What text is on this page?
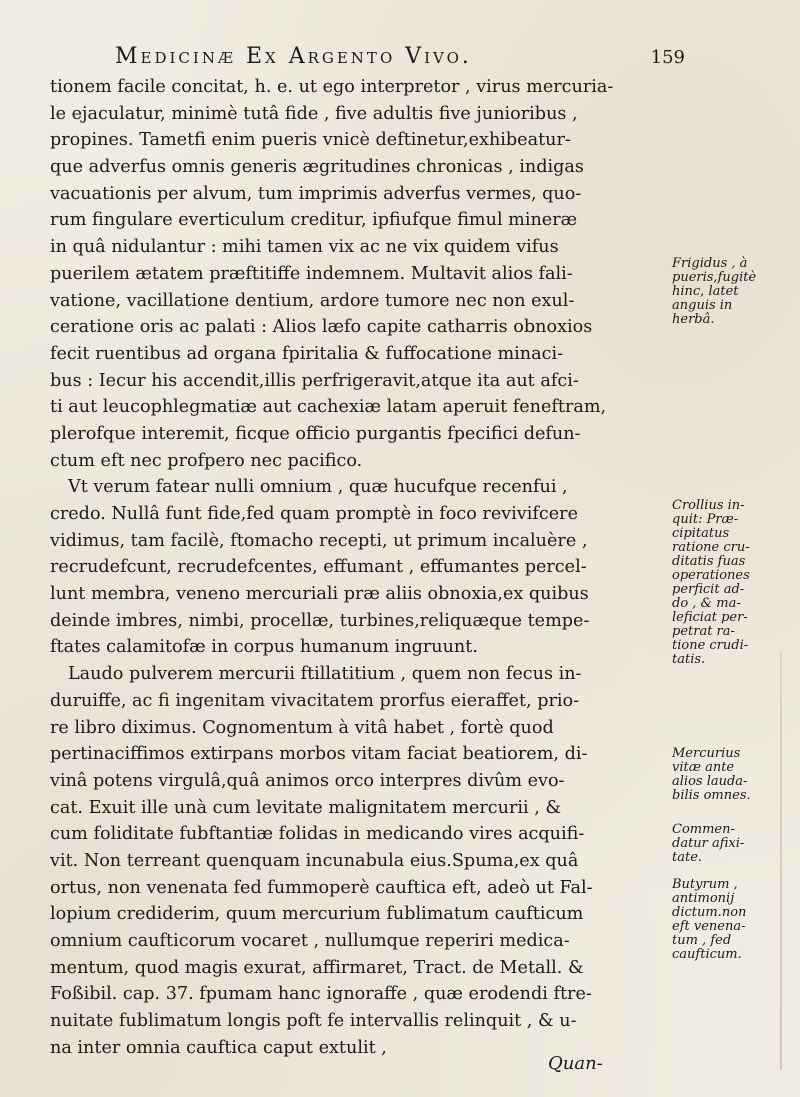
Medicinæ Ex Argento Vivo.	159
tionem facile concitat, h. e. ut ego interpretor , virus mercuria-
le ejaculatur, minimè tutâ fide , five adultis five junioribus ,
propines. Tametfi enim pueris vnicè deftinetur,exhibeatur-
que adverfus omnis generis ægritudines chronicas , indigas
vacuationis per alvum, tum imprimis adverfus vermes, quo-
rum fingulare everticulum creditur, ipfiufque fimul mineræ
in quâ nidulantur : mihi tamen vix ac ne vix quidem vifus
puerilem ætatem præftitiffe indemnem. Multavit alios fali-
vatione, vacillatione dentium, ardore tumore nec non exul-
ceratione oris ac palati : Alios læfo capite catharris obnoxios
fecit ruentibus ad organa fpiritalia & fuffocatione minaci-
bus : Iecur his accendit,illis perfrigeravit,atque ita aut afci-
ti aut leucophlegmatiæ aut cachexiæ latam aperuit feneftram,
plerofque interemit, ficque officio purgantis fpecifici defun-
ctum eft nec profpero nec pacifico.
Vt verum fatear nulli omnium , quæ hucufque recenfui ,
credo. Nullâ funt fide,fed quam promptè in foco revivifcere
vidimus, tam facilè, ftomacho recepti, ut primum incaluère ,
recrudefcunt, recrudefcentes, effumant , effumantes percel-
lunt membra, veneno mercuriali præ aliis obnoxia,ex quibus
deinde imbres, nimbi, procellæ, turbines,reliquæque tempe-
ftates calamitofæ in corpus humanum ingruunt.
Laudo pulverem mercurii ftillatitium , quem non fecus in-
duruiffe, ac fi ingenitam vivacitatem prorfus eieraffet, prio-
re libro diximus. Cognomentum à vitâ habet , fortè quod
pertinaciffimos extirpans morbos vitam faciat beatiorem, di-
vinâ potens virgulâ,quâ animos orco interpres divûm evo-
cat. Exuit ille unà cum levitate malignitatem mercurii , &
cum foliditate fubftantiæ folidas in medicando vires acquifi-
vit. Non terreant quenquam incunabula eius.Spuma,ex quâ
ortus, non venenata fed fummoperè cauftica eft, adeò ut Fal-
lopium crediderim, quum mercurium fublimatum caufticum
omnium caufticorum vocaret , nullumque reperiri medica-
mentum, quod magis exurat, affirmaret, Tract. de Metall. &
Foßibil. cap. 37. fpumam hanc ignoraffe , quæ erodendi ftre-
nuitate fublimatum longis poft fe intervallis relinquit , & u-
na inter omnia cauftica caput extulit ,
Frigidus , à
pueris,fugitè
hinc, latet
anguis in
herbâ.
Crollius in-
quit: Præ-
cipitatus
ratione cru-
ditatis fuas
operationes
perficit ad-
do , & ma-
leficiat per-
petrat ra-
tione crudi-
tatis.
Mercurius
vitæ ante
alios lauda-
bilis omnes.
Commen-
datur afixi-
tate.
Butyrum ,
antimonij
dictum.non
eft venena-
tum , fed
caufticum.
Quan-
